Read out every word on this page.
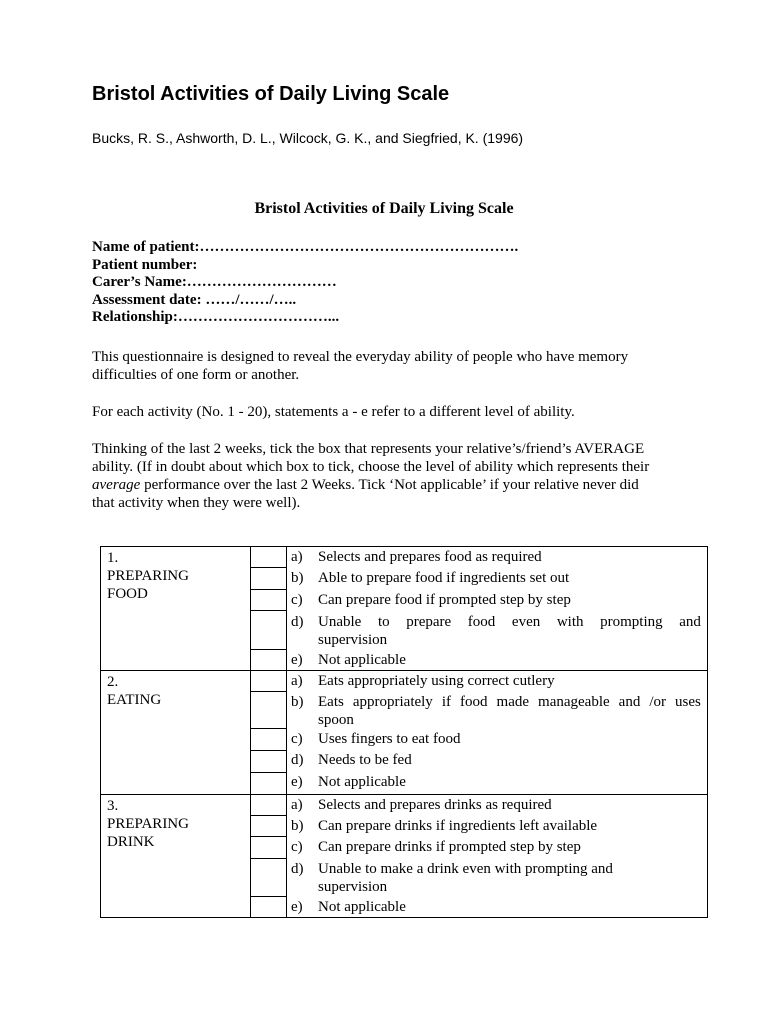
Bristol Activities of Daily Living Scale
Bucks, R. S., Ashworth, D. L., Wilcock, G. K., and Siegfried, K. (1996)
Bristol Activities of Daily Living Scale
Name of patient:……………………………………………………….
Patient number:
Carer’s Name:…………………………
Assessment date: ……/……/…..
Relationship:…………………………...

This questionnaire is designed to reveal the everyday ability of people who have memory difficulties of one form or another.

For each activity (No. 1 - 20), statements a - e refer to a different level of ability.

Thinking of the last 2 weeks, tick the box that represents your relative’s/friend’s AVERAGE ability. (If in doubt about which box to tick, choose the level of ability which represents their average performance over the last 2 Weeks. Tick ‘Not applicable’ if your relative never did that activity when they were well).

1.
PREPARING
FOOD
a) Selects and prepares food as required
b) Able to prepare food if ingredients set out
c) Can prepare food if prompted step by step
d) Unable to prepare food even with prompting and
supervision
e) Not applicable
2.
EATING
a) Eats appropriately using correct cutlery
b) Eats appropriately if food made manageable and /or uses
spoon
c) Uses fingers to eat food
d) Needs to be fed
e) Not applicable
3.
PREPARING
DRINK
a) Selects and prepares drinks as required
b) Can prepare drinks if ingredients left available
c) Can prepare drinks if prompted step by step
d) Unable to make a drink even with prompting and
supervision
e) Not applicable
